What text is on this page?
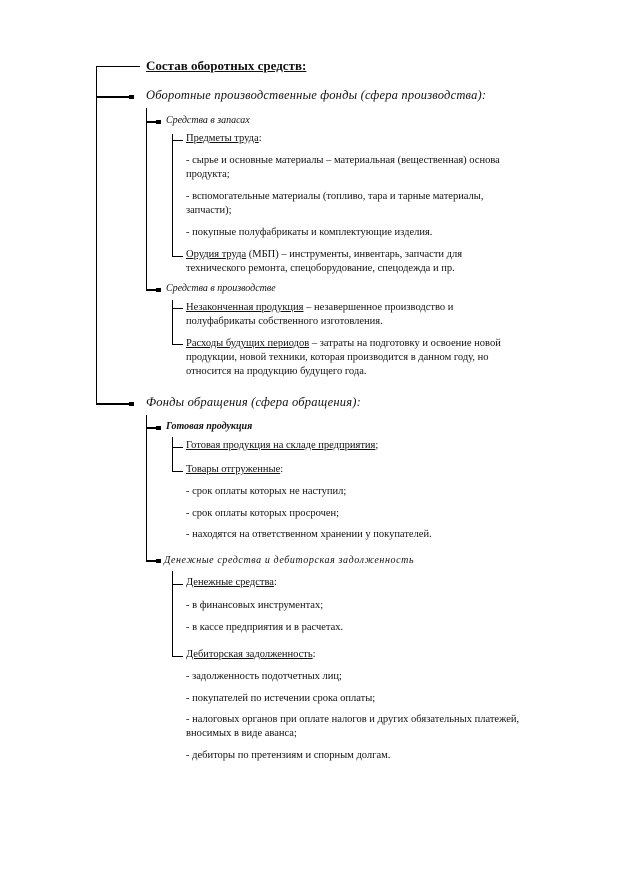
Состав оборотных средств:
Оборотные производственные фонды (сфера производства):
Средства в запасах
Предметы труда:
- сырье и основные материалы – материальная (вещественная) основа продукта;
- вспомогательные материалы (топливо, тара и тарные материалы, запчасти);
- покупные полуфабрикаты и комплектующие изделия.
Орудия труда (МБП) – инструменты, инвентарь, запчасти для технического ремонта, спецоборудование, спецодежда и пр.
Средства в производстве
Незаконченная продукция – незавершенное производство и полуфабрикаты собственного изготовления.
Расходы будущих периодов – затраты на подготовку и освоение новой продукции, новой техники, которая производится в данном году, но относится на продукцию будущего года.
Фонды обращения (сфера обращения):
Готовая продукция
Готовая продукция на складе предприятия;
Товары отгруженные:
- срок оплаты которых не наступил;
- срок оплаты которых просрочен;
- находятся на ответственном хранении у покупателей.
Денежные средства и дебиторская задолженность
Денежные средства:
- в финансовых инструментах;
- в кассе предприятия и в расчетах.
Дебиторская задолженность:
- задолженность подотчетных лиц;
- покупателей по истечении срока оплаты;
- налоговых органов при оплате налогов и других обязательных платежей, вносимых в виде аванса;
- дебиторы по претензиям и спорным долгам.
